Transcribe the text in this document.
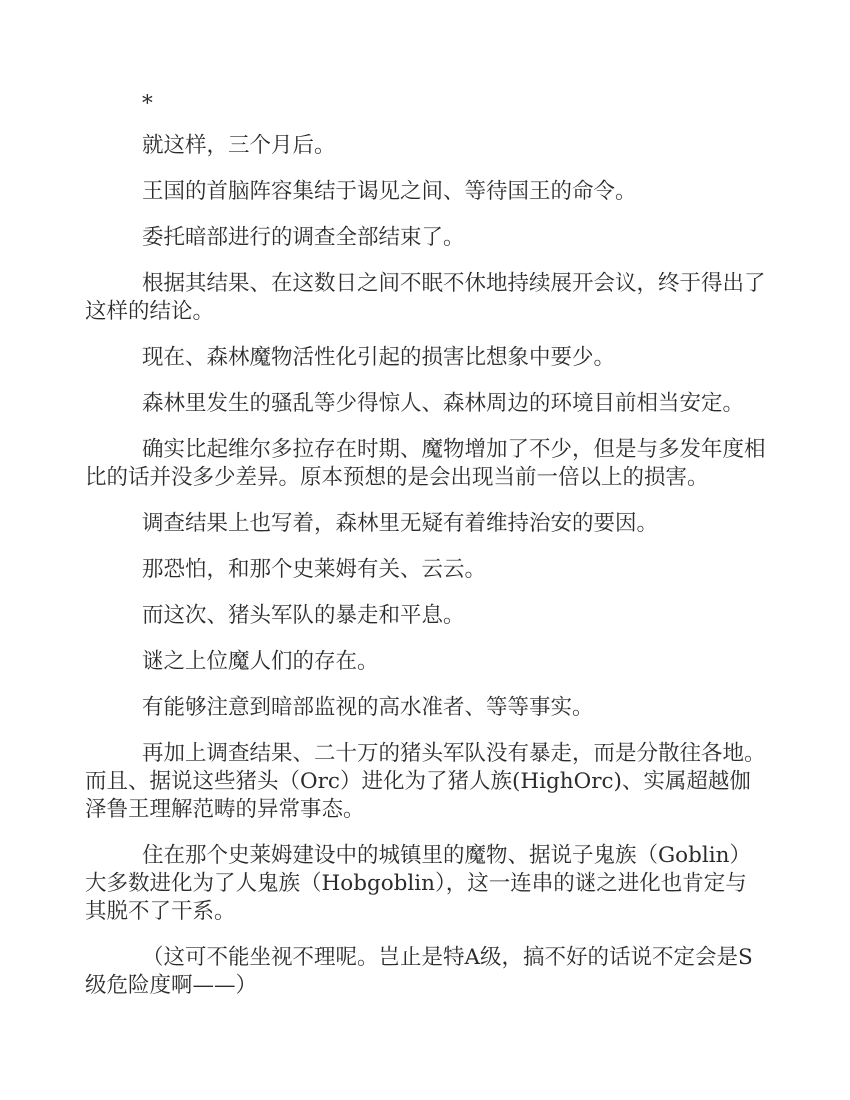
*

就这样，三个月后。

王国的首脑阵容集结于谒见之间、等待国王的命令。

委托暗部进行的调查全部结束了。

根据其结果、在这数日之间不眠不休地持续展开会议，终于得出了这样的结论。

现在、森林魔物活性化引起的损害比想象中要少。

森林里发生的骚乱等少得惊人、森林周边的环境目前相当安定。

确实比起维尔多拉存在时期、魔物增加了不少，但是与多发年度相比的话并没多少差异。原本预想的是会出现当前一倍以上的损害。

调查结果上也写着，森林里无疑有着维持治安的要因。

那恐怕，和那个史莱姆有关、云云。

而这次、猪头军队的暴走和平息。

谜之上位魔人们的存在。

有能够注意到暗部监视的高水准者、等等事实。

再加上调查结果、二十万的猪头军队没有暴走，而是分散往各地。而且、据说这些猪头（Orc）进化为了猪人族(HighOrc)、实属超越伽泽鲁王理解范畴的异常事态。

住在那个史莱姆建设中的城镇里的魔物、据说子鬼族（Goblin）大多数进化为了人鬼族（Hobgoblin），这一连串的谜之进化也肯定与其脱不了干系。

（这可不能坐视不理呢。岂止是特A级，搞不好的话说不定会是S级危险度啊——）
